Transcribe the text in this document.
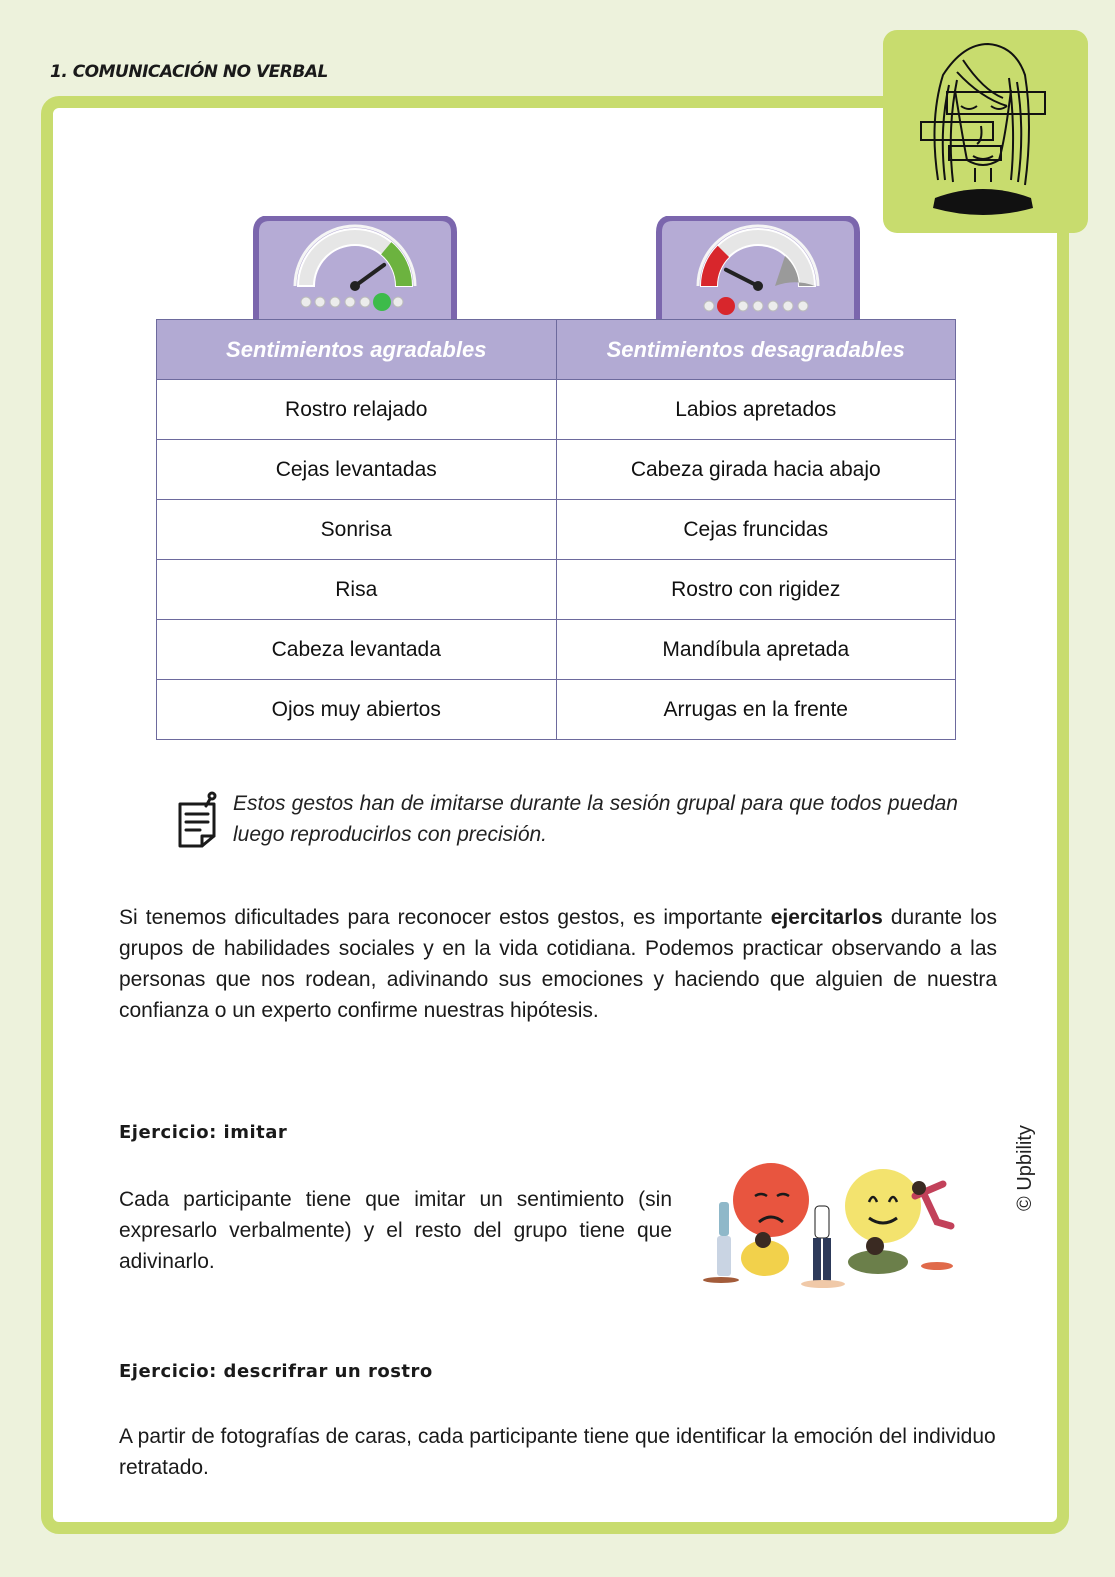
1. COMUNICACIÓN NO VERBAL
Sentimientos agradables	Sentimientos desagradables
Rostro relajado	Labios apretados
Cejas levantadas	Cabeza girada hacia abajo
Sonrisa	Cejas fruncidas
Risa	Rostro con rigidez
Cabeza levantada	Mandíbula apretada
Ojos muy abiertos	Arrugas en la frente

Estos gestos han de imitarse durante la sesión grupal para que todos puedan luego reproducirlos con precisión.

Si tenemos dificultades para reconocer estos gestos, es importante ejercitarlos durante los grupos de habilidades sociales y en la vida cotidiana. Podemos practicar observando a las personas que nos rodean, adivinando sus emociones y haciendo que alguien de nuestra confianza o un experto confirme nuestras hipótesis.

Ejercicio: imitar

Cada participante tiene que imitar un sentimiento (sin expresarlo verbalmente) y el resto del grupo tiene que adivinarlo.

Ejercicio: descrifrar un rostro

A partir de fotografías de caras, cada participante tiene que identificar la emoción del individuo retratado.

© Upbility
